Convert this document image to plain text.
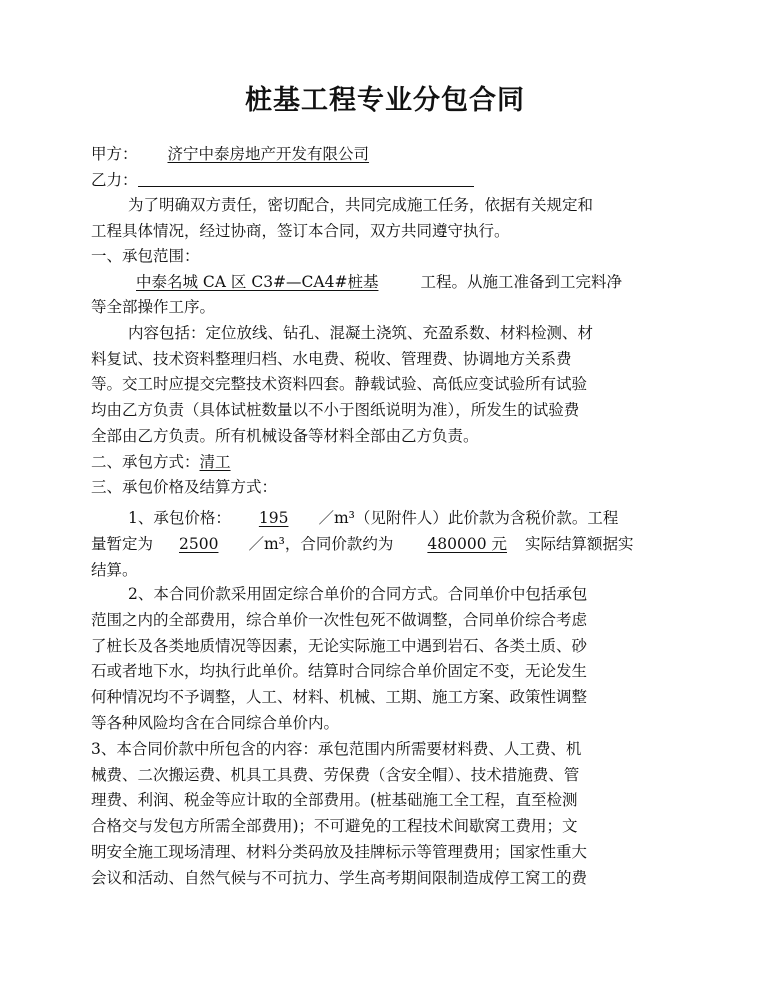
桩基工程专业分包合同
甲方： 济宁中泰房地产开发有限公司
乙力：
为了明确双方责任，密切配合，共同完成施工任务，依据有关规定和
工程具体情况，经过协商，签订本合同，双方共同遵守执行。
一、承包范围：
中泰名城 CA 区 C3#—CA4#桩基	工程。从施工准备到工完料净
等全部操作工序。
内容包括：定位放线、钻孔、混凝土浇筑、充盈系数、材料检测、材
料复试、技术资料整理归档、水电费、税收、管理费、协调地方关系费
等。交工时应提交完整技术资料四套。静载试验、高低应变试验所有试验
均由乙方负责（具体试桩数量以不小于图纸说明为准），所发生的试验费
全部由乙方负责。所有机械设备等材料全部由乙方负责。
二、承包方式：清工
三、承包价格及结算方式：
1、承包价格： 195 ／m³（见附件人）此价款为含税价款。工程
量暂定为 2500 ／m³，合同价款约为 480000 元 实际结算额据实
结算。
2、本合同价款采用固定综合单价的合同方式。合同单价中包括承包
范围之内的全部费用，综合单价一次性包死不做调整，合同单价综合考虑
了桩长及各类地质情况等因素，无论实际施工中遇到岩石、各类土质、砂
石或者地下水，均执行此单价。结算时合同综合单价固定不变，无论发生
何种情况均不予调整，人工、材料、机械、工期、施工方案、政策性调整
等各种风险均含在合同综合单价内。
3、本合同价款中所包含的内容：承包范围内所需要材料费、人工费、机
械费、二次搬运费、机具工具费、劳保费（含安全帽）、技术措施费、管
理费、利润、税金等应计取的全部费用。(桩基础施工全工程，直至检测
合格交与发包方所需全部费用)；不可避免的工程技术间歇窝工费用；文
明安全施工现场清理、材料分类码放及挂牌标示等管理费用；国家性重大
会议和活动、自然气候与不可抗力、学生高考期间限制造成停工窝工的费
